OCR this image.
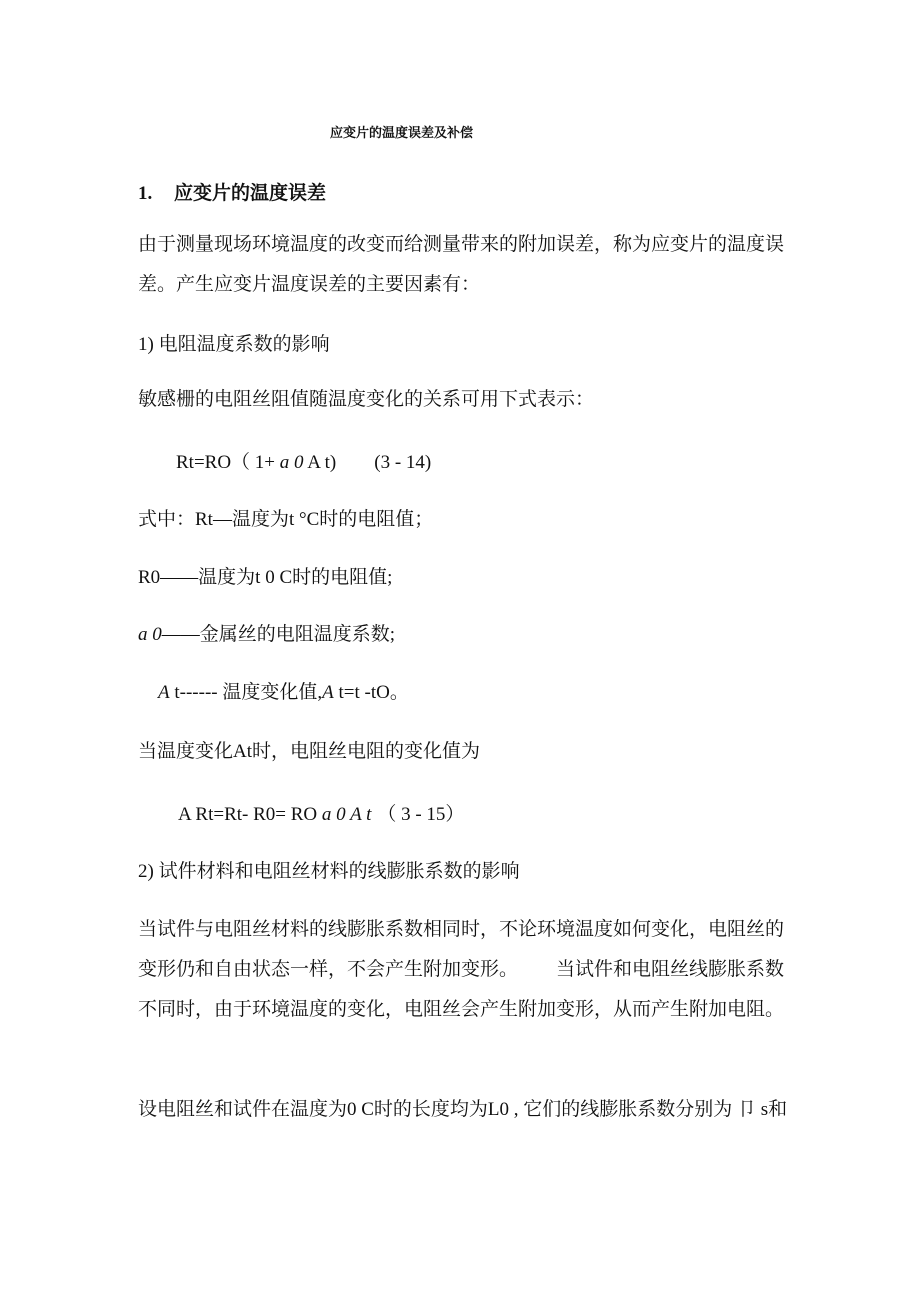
应变片的温度误差及补偿
1. 应变片的温度误差
由于测量现场环境温度的改变而给测量带来的附加误差，称为应变片的温度误
差。产生应变片温度误差的主要因素有：
1) 电阻温度系数的影响
敏感栅的电阻丝阻值随温度变化的关系可用下式表示：
Rt=RO（ 1+ a 0 A t) (3 - 14)
式中：Rt—温度为t °C时的电阻值；
R0——温度为t 0 C时的电阻值;
a 0——金属丝的电阻温度系数;
A t------ 温度变化值,A t=t -tO。
当温度变化At时，电阻丝电阻的变化值为
A Rt=Rt- R0= RO a 0 A t （ 3 - 15）
2) 试件材料和电阻丝材料的线膨胀系数的影响
当试件与电阻丝材料的线膨胀系数相同时，不论环境温度如何变化，电阻丝的
变形仍和自由状态一样，不会产生附加变形。        当试件和电阻丝线膨胀系数
不同时，由于环境温度的变化，电阻丝会产生附加变形，从而产生附加电阻。
设电阻丝和试件在温度为0 C时的长度均为L0 , 它们的线膨胀系数分别为 卩 s和
